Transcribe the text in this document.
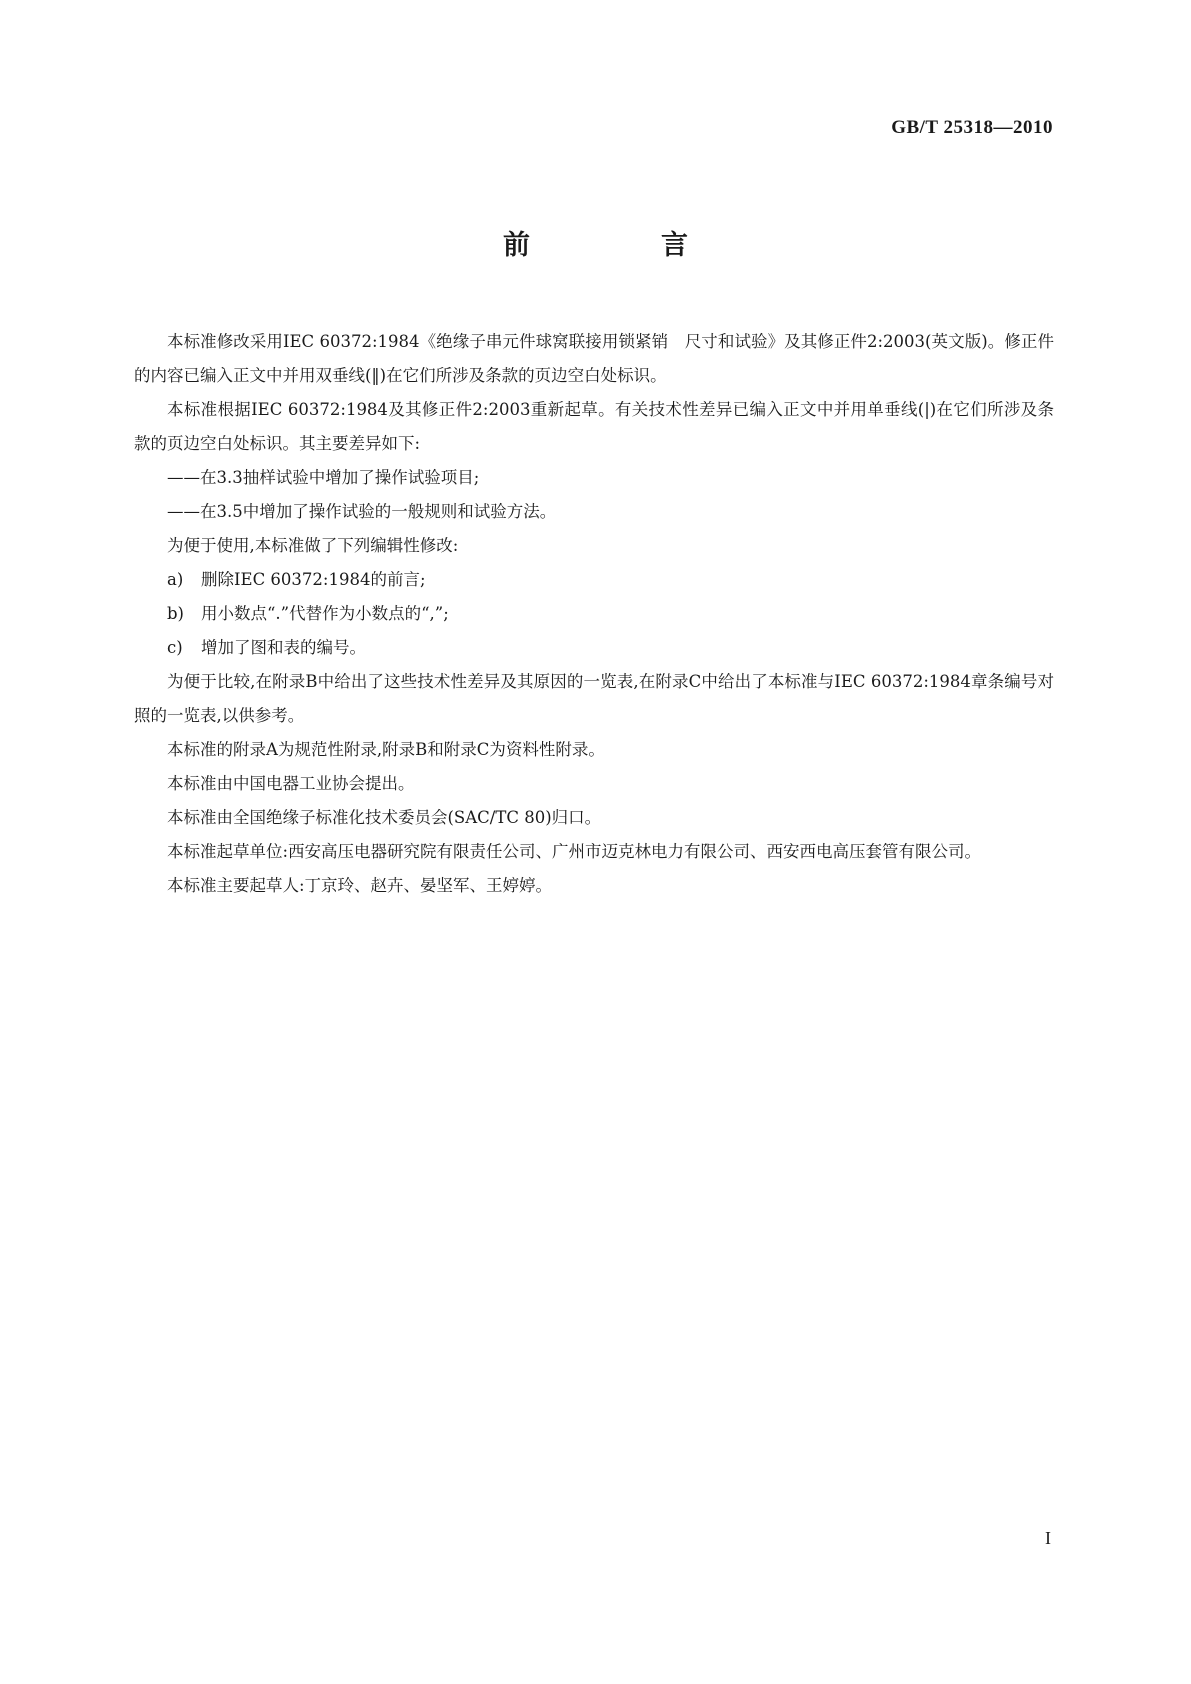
GB/T 25318—2010
前　言

本标准修改采用IEC 60372:1984《绝缘子串元件球窝联接用锁紧销　尺寸和试验》及其修正件2:2003(英文版)。修正件的内容已编入正文中并用双垂线(‖)在它们所涉及条款的页边空白处标识。

本标准根据IEC 60372:1984及其修正件2:2003重新起草。有关技术性差异已编入正文中并用单垂线(|)在它们所涉及条款的页边空白处标识。其主要差异如下:

——在3.3抽样试验中增加了操作试验项目;

——在3.5中增加了操作试验的一般规则和试验方法。

为便于使用,本标准做了下列编辑性修改:

a) 删除IEC 60372:1984的前言;

b) 用小数点“.”代替作为小数点的“,”;

c) 增加了图和表的编号。

为便于比较,在附录B中给出了这些技术性差异及其原因的一览表,在附录C中给出了本标准与IEC 60372:1984章条编号对照的一览表,以供参考。

本标准的附录A为规范性附录,附录B和附录C为资料性附录。

本标准由中国电器工业协会提出。

本标准由全国绝缘子标准化技术委员会(SAC/TC 80)归口。

本标准起草单位:西安高压电器研究院有限责任公司、广州市迈克林电力有限公司、西安西电高压套管有限公司。

本标准主要起草人:丁京玲、赵卉、晏坚军、王婷婷。

I
